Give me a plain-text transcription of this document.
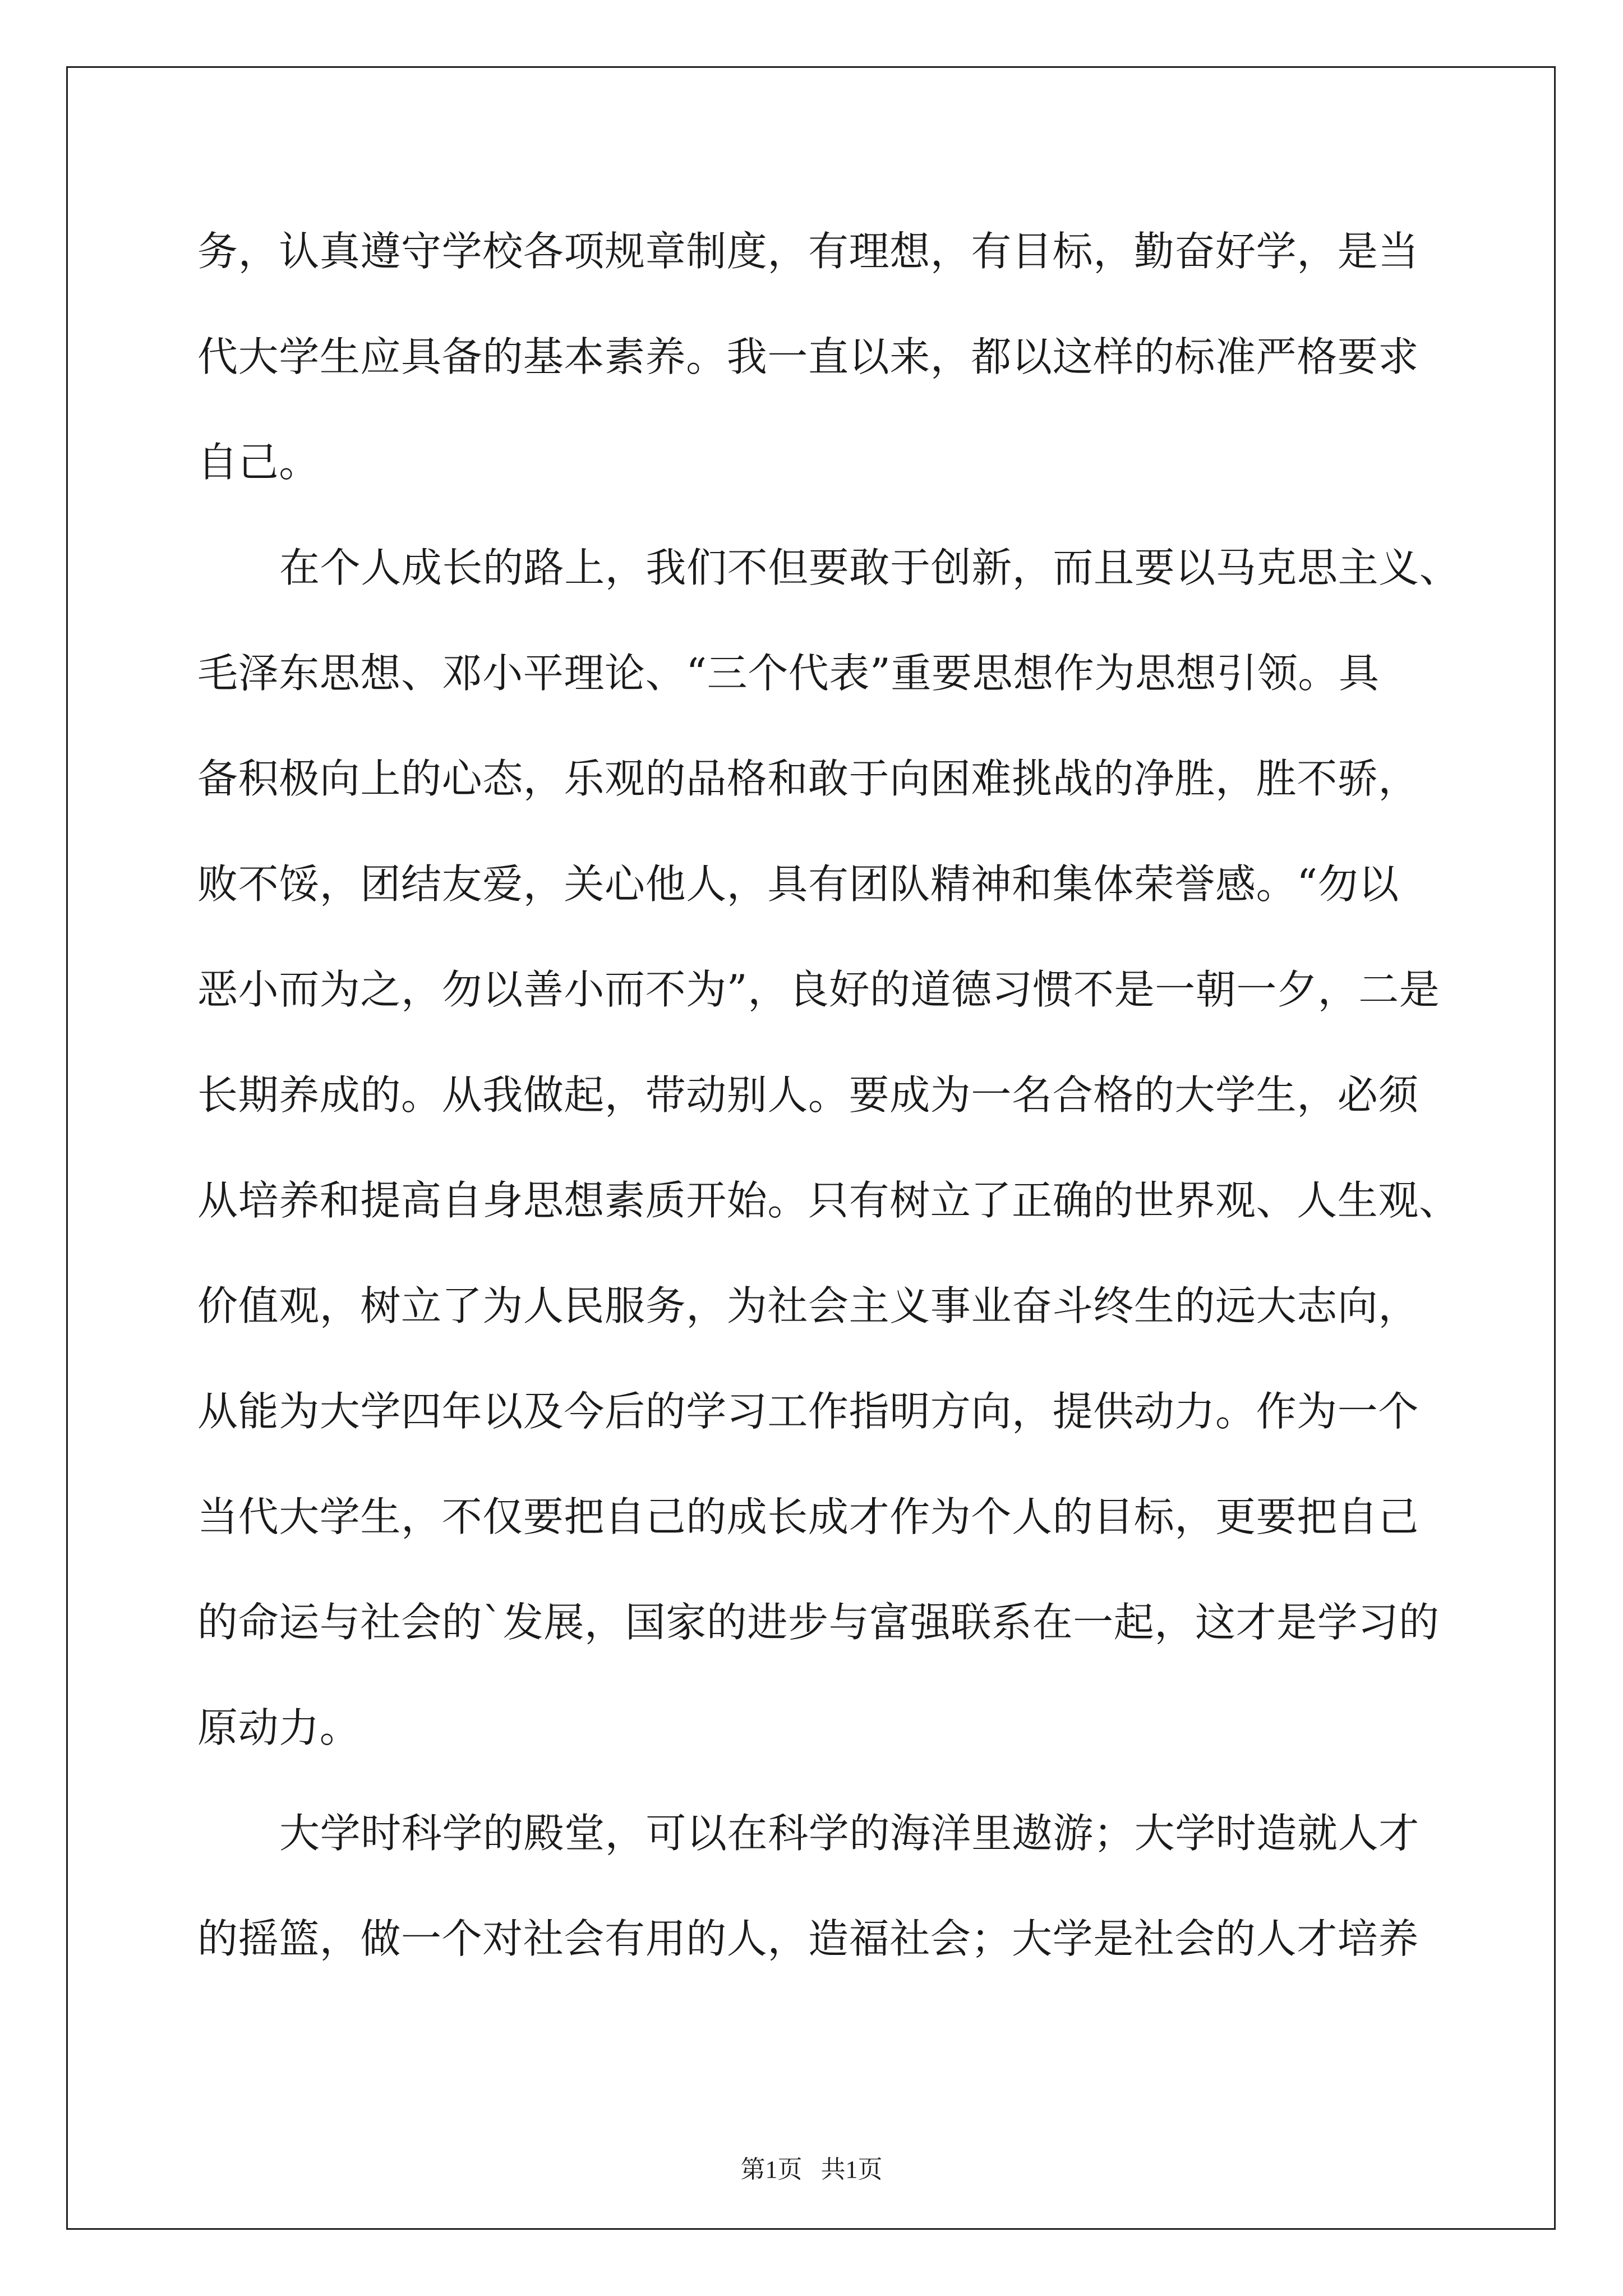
务，认真遵守学校各项规章制度，有理想，有目标，勤奋好学，是当

代大学生应具备的基本素养。我一直以来，都以这样的标准严格要求

自己。

在个人成长的路上，我们不但要敢于创新，而且要以马克思主义、

毛泽东思想、邓小平理论、“三个代表”重要思想作为思想引领。具

备积极向上的心态，乐观的品格和敢于向困难挑战的净胜，胜不骄，

败不馁，团结友爱，关心他人，具有团队精神和集体荣誉感。“勿以

恶小而为之，勿以善小而不为”，良好的道德习惯不是一朝一夕，二是

长期养成的。从我做起，带动别人。要成为一名合格的大学生，必须

从培养和提高自身思想素质开始。只有树立了正确的世界观、人生观、

价值观，树立了为人民服务，为社会主义事业奋斗终生的远大志向，

从能为大学四年以及今后的学习工作指明方向，提供动力。作为一个

当代大学生，不仅要把自己的成长成才作为个人的目标，更要把自己

的命运与社会的`发展，国家的进步与富强联系在一起，这才是学习的

原动力。

大学时科学的殿堂，可以在科学的海洋里遨游；大学时造就人才

的摇篮，做一个对社会有用的人，造福社会；大学是社会的人才培养

第1页   共1页
